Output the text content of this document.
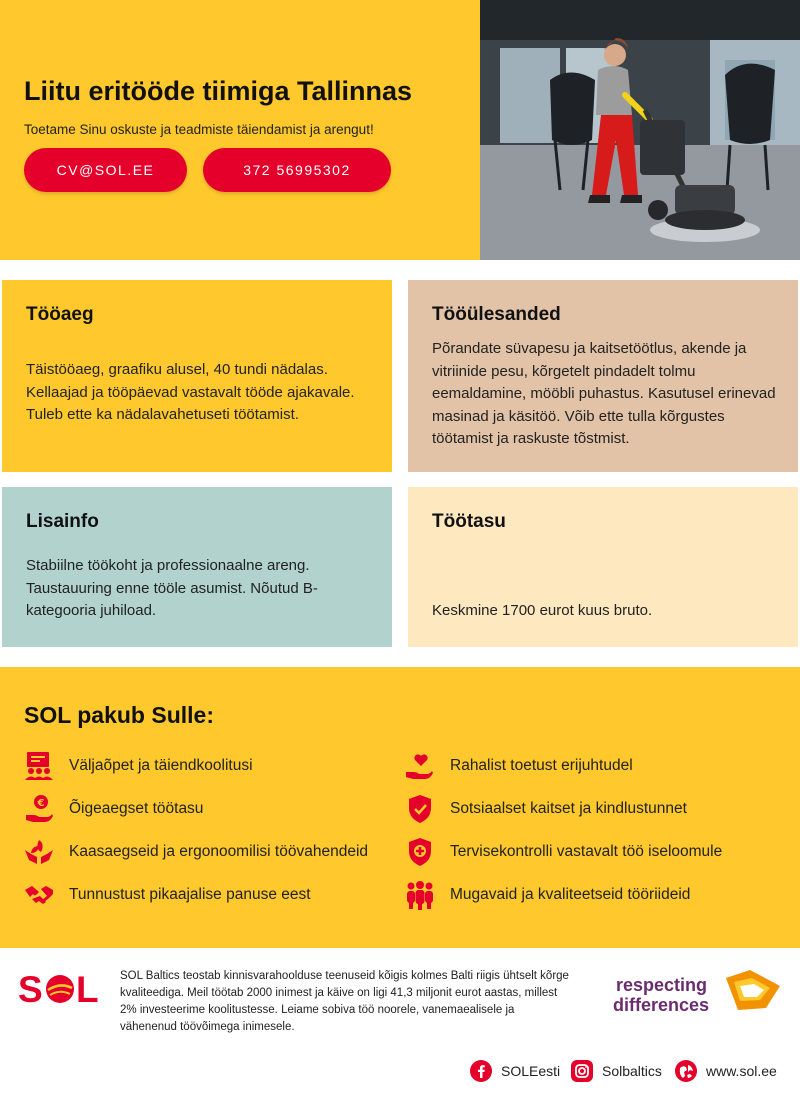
Liitu eritööde tiimiga Tallinnas
Toetame Sinu oskuste ja teadmiste täiendamist ja arengut!
CV@SOL.EE	372 56995302
Tööaeg

Täistööaeg, graafiku alusel, 40 tundi nädalas. Kellaajad ja tööpäevad vastavalt tööde ajakavale. Tuleb ette ka nädalavahetuseti töötamist.

Tööülesanded

Põrandate süvapesu ja kaitsetöötlus, akende ja vitriinide pesu, kõrgetelt pindadelt tolmu eemaldamine, mööbli puhastus. Kasutusel erinevad masinad ja käsitöö. Võib ette tulla kõrgustes töötamist ja raskuste tõstmist.

Lisainfo

Stabiilne töökoht ja professionaalne areng. Taustauuring enne tööle asumist. Nõutud B-kategooria juhiload.

Töötasu

Keskmine 1700 eurot kuus bruto.

SOL pakub Sulle:
Väljaõpet ja täiendkoolitusi
€ Õigeaegset töötasu
Kaasaegseid ja ergonoomilisi töövahendeid
Tunnustust pikaajalise panuse eest
Rahalist toetust erijuhtudel
Sotsiaalset kaitset ja kindlustunnet
Tervisekontrolli vastavalt töö iseloomule
Mugavaid ja kvaliteetseid tööriideid
S L SOL Baltics teostab kinnisvarahoolduse teenuseid kõigis kolmes Balti riigis ühtselt kõrge kvaliteediga. Meil töötab 2000 inimest ja käive on ligi 41,3 miljonit eurot aastas, millest 2% investeerime koolitustesse. Leiame sobiva töö noorele, vanemaealisele ja vähenenud töövõimega inimesele.

respecting
differences
SOLEesti	Solbaltics	www.sol.ee
